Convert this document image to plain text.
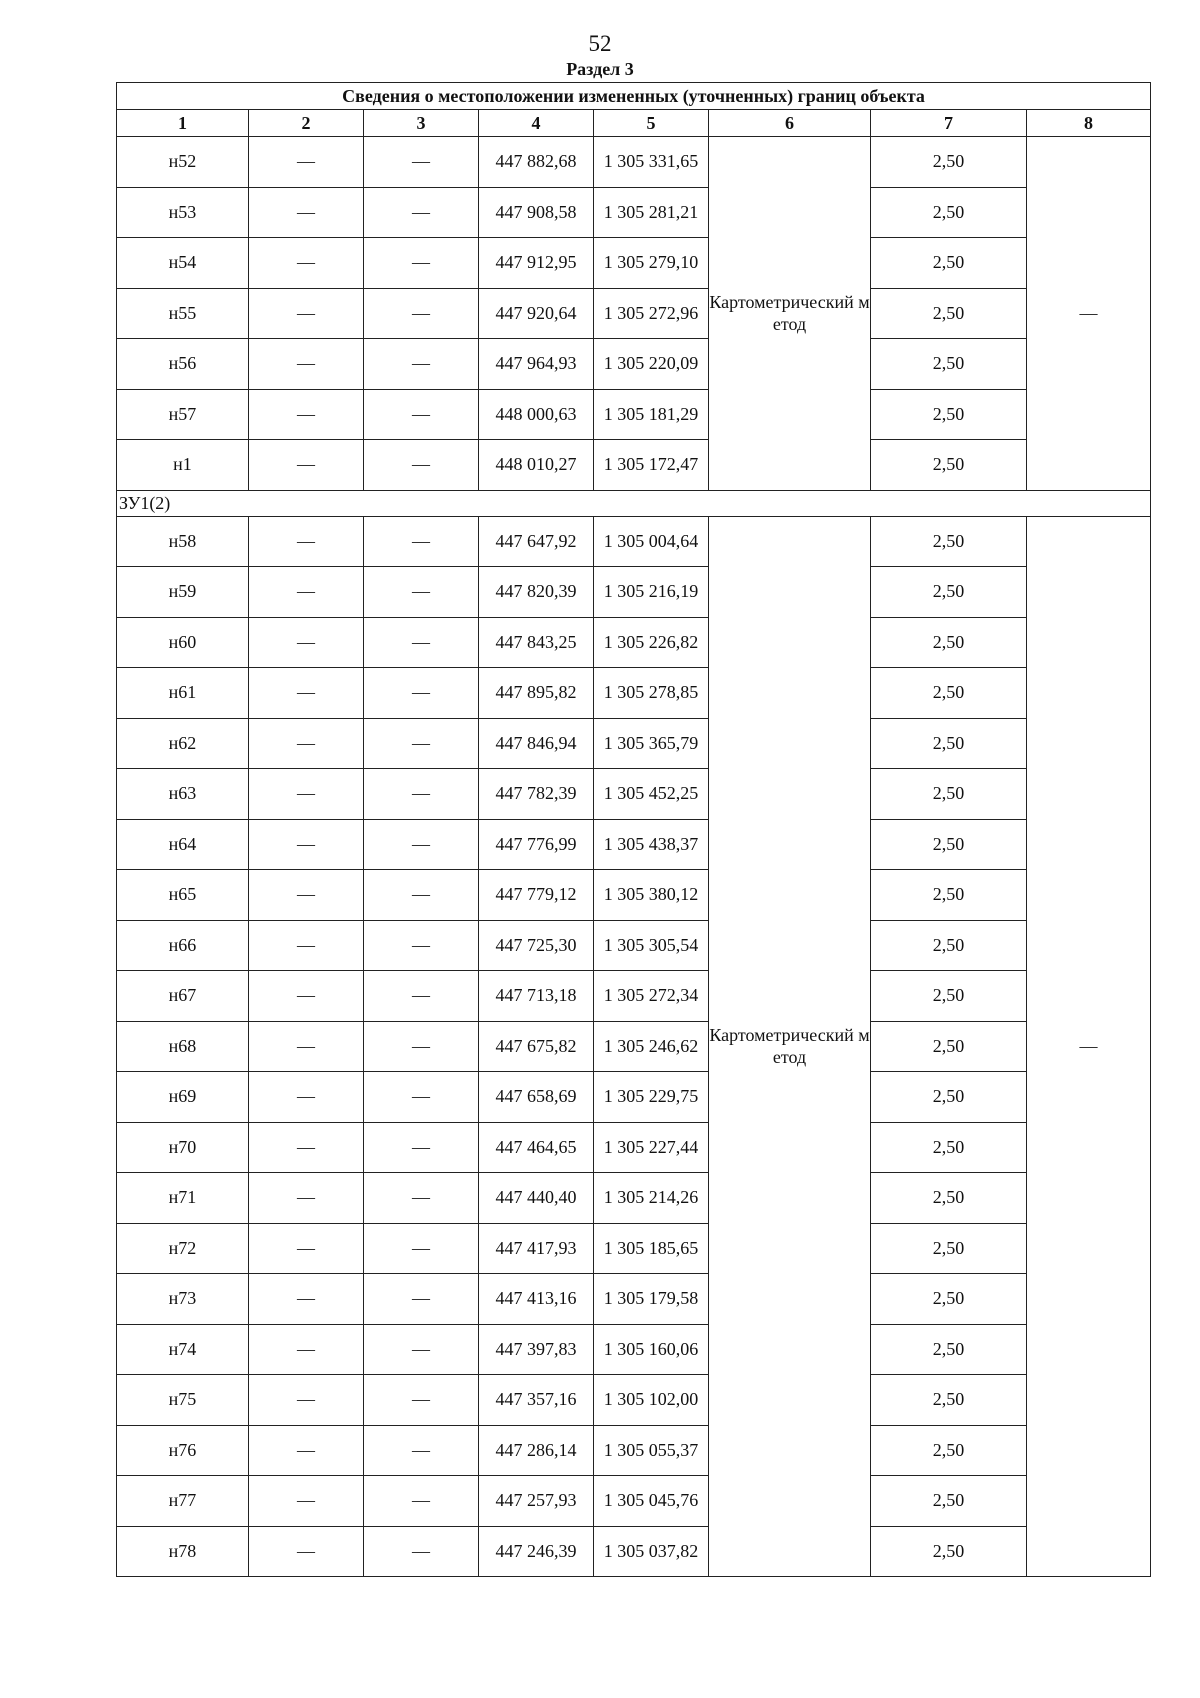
52
Раздел 3
Сведения о местоположении измененных (уточненных) границ объекта							
1	2	3	4	5	6	7	8
н52	—	—	447 882,68	1 305 331,65	Картометрический метод	2,50	—
н53	—	—	447 908,58	1 305 281,21		2,50	
н54	—	—	447 912,95	1 305 279,10		2,50	
н55	—	—	447 920,64	1 305 272,96		2,50	
н56	—	—	447 964,93	1 305 220,09		2,50	
н57	—	—	448 000,63	1 305 181,29		2,50	
н1	—	—	448 010,27	1 305 172,47		2,50	
ЗУ1(2)							
н58	—	—	447 647,92	1 305 004,64	Картометрический метод	2,50	—
н59	—	—	447 820,39	1 305 216,19		2,50	
н60	—	—	447 843,25	1 305 226,82		2,50	
н61	—	—	447 895,82	1 305 278,85		2,50	
н62	—	—	447 846,94	1 305 365,79		2,50	
н63	—	—	447 782,39	1 305 452,25		2,50	
н64	—	—	447 776,99	1 305 438,37		2,50	
н65	—	—	447 779,12	1 305 380,12		2,50	
н66	—	—	447 725,30	1 305 305,54		2,50	
н67	—	—	447 713,18	1 305 272,34		2,50	
н68	—	—	447 675,82	1 305 246,62		2,50	
н69	—	—	447 658,69	1 305 229,75		2,50	
н70	—	—	447 464,65	1 305 227,44		2,50	
н71	—	—	447 440,40	1 305 214,26		2,50	
н72	—	—	447 417,93	1 305 185,65		2,50	
н73	—	—	447 413,16	1 305 179,58		2,50	
н74	—	—	447 397,83	1 305 160,06		2,50	
н75	—	—	447 357,16	1 305 102,00		2,50	
н76	—	—	447 286,14	1 305 055,37		2,50	
н77	—	—	447 257,93	1 305 045,76		2,50	
н78	—	—	447 246,39	1 305 037,82		2,50	
